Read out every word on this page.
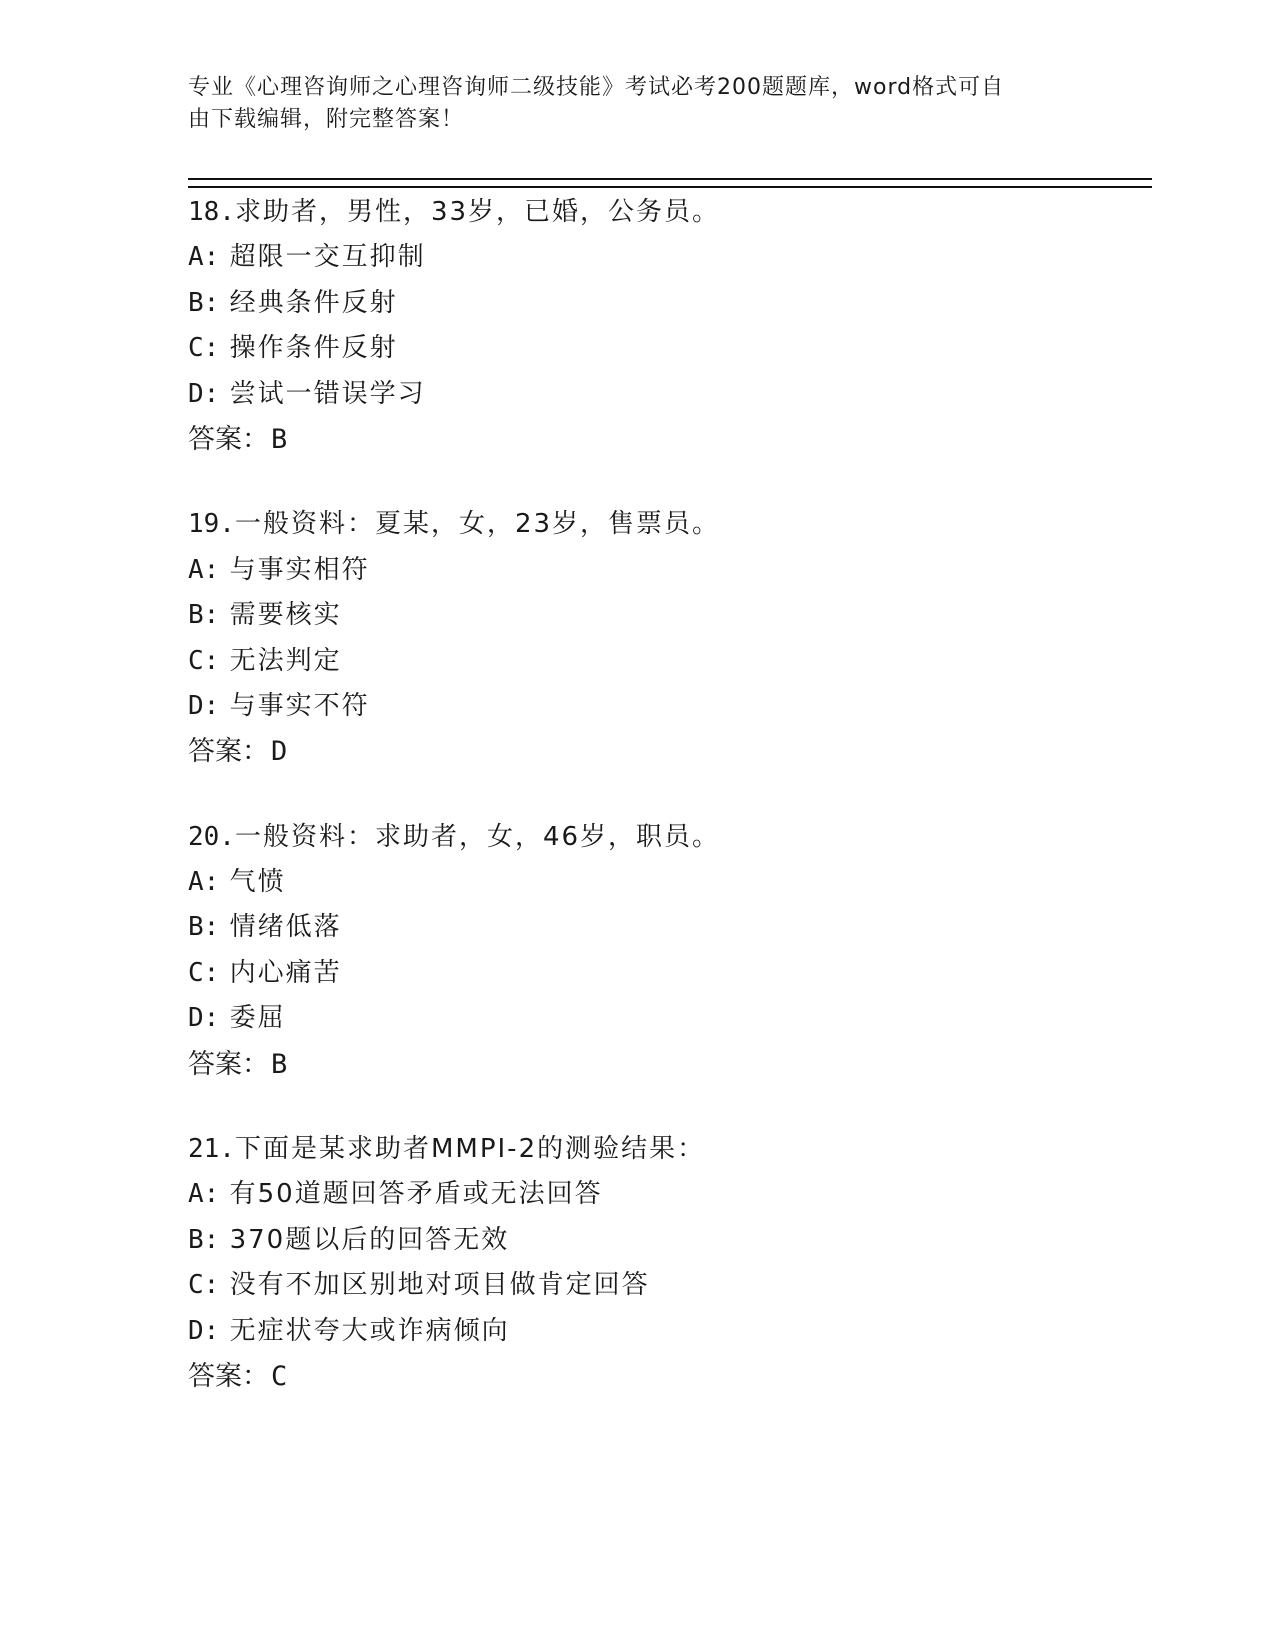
专业《心理咨询师之心理咨询师二级技能》考试必考200题题库，word格式可自
由下载编辑，附完整答案！
18.求助者，男性，33岁，已婚，公务员。
A: 超限一交互抑制
B: 经典条件反射
C: 操作条件反射
D: 尝试一错误学习
答案：B
19.一般资料：夏某，女，23岁，售票员。
A: 与事实相符
B: 需要核实
C: 无法判定
D: 与事实不符
答案：D
20.一般资料：求助者，女，46岁，职员。
A: 气愤
B: 情绪低落
C: 内心痛苦
D: 委屈
答案：B
21.下面是某求助者MMPI-2的测验结果：
A: 有50道题回答矛盾或无法回答
B: 370题以后的回答无效
C: 没有不加区别地对项目做肯定回答
D: 无症状夸大或诈病倾向
答案：C
